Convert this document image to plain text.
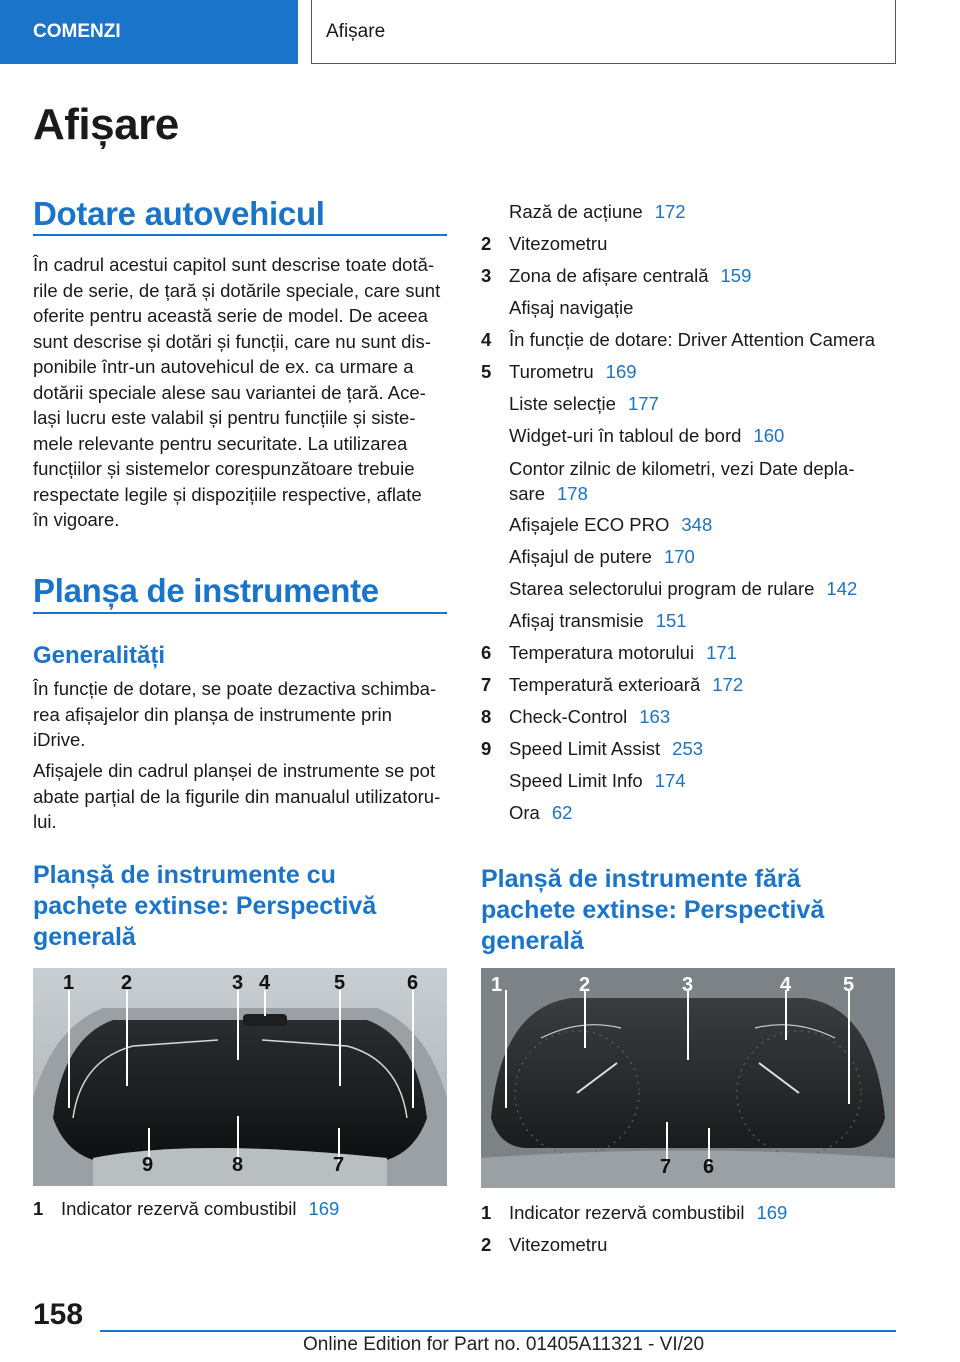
COMENZI	Afișare
Afișare
Dotare autovehicul
În cadrul acestui capitol sunt descrise toate dotă-
rile de serie, de țară și dotările speciale, care sunt
oferite pentru această serie de model. De aceea
sunt descrise și dotări și funcții, care nu sunt dis-
ponibile într-un autovehicul de ex. ca urmare a
dotării speciale alese sau variantei de țară. Ace-
lași lucru este valabil și pentru funcțiile și siste-
mele relevante pentru securitate. La utilizarea
funcțiilor și sistemelor corespunzătoare trebuie
respectate legile și dispozițiile respective, aflate
în vigoare.
Planșa de instrumente
Generalități
În funcție de dotare, se poate dezactiva schimba-
rea afișajelor din planșa de instrumente prin
iDrive.
Afișajele din cadrul planșei de instrumente se pot
abate parțial de la figurile din manualul utilizatoru-
lui.
Planșă de instrumente cu
pachete extinse: Perspectivă
generală
1 2	3 4	5	6
9	8	7
1 Indicator rezervă combustibil 169
Rază de acțiune 172
2 Vitezometru
3 Zona de afișare centrală 159
Afișaj navigație
4 În funcție de dotare: Driver Attention Camera
5 Turometru 169
Liste selecție 177
Widget-uri în tabloul de bord 160
Contor zilnic de kilometri, vezi Date depla-
sare 178
Afișajele ECO PRO 348
Afișajul de putere 170
Starea selectorului program de rulare 142
Afișaj transmisie 151
6 Temperatura motorului 171
7 Temperatură exterioară 172
8 Check-Control 163
9 Speed Limit Assist 253
Speed Limit Info 174
Ora 62
Planșă de instrumente fără
pachete extinse: Perspectivă
generală
1	2	3	4	5
7 6
1 Indicator rezervă combustibil 169
2 Vitezometru
158
Online Edition for Part no. 01405A11321 - VI/20
